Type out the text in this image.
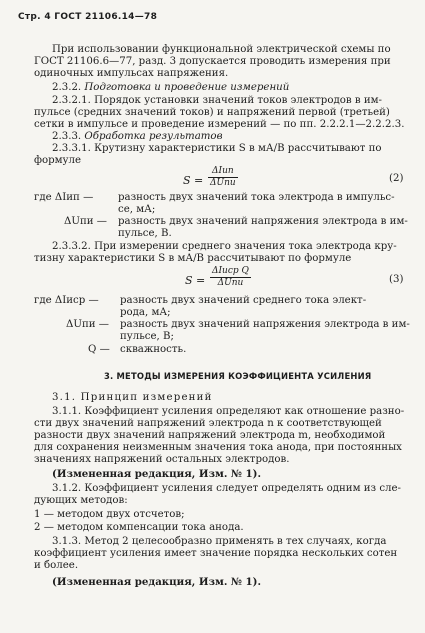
Стр. 4 ГОСТ 21106.14—78
При использовании функциональной электрической схемы по
ГОСТ 21106.6—77, разд. 3 допускается проводить измерения при
одиночных импульсах напряжения.
2.3.2. Подготовка и проведение измерений
2.3.2.1. Порядок установки значений токов электродов в им-
пульсе (средних значений токов) и напряжений первой (третьей)
сетки в импульсе и проведение измерений — по пп. 2.2.2.1—2.2.2.3.
2.3.3. Обработка результатов
2.3.3.1. Крутизну характеристики S в мА/В рассчитывают по
формуле
S =
ΔIип
ΔUпи	(2)
где ΔIип —	разность двух значений тока электрода в импульс-
се, мА;
ΔUпи —	разность двух значений напряжения электрода в им-
пульсе, В.
2.3.3.2. При измерении среднего значения тока электрода кру-
тизну характеристики S в мА/В рассчитывают по формуле
S =
ΔIиср Q
ΔUпи	(3)
где ΔIиср —	разность двух значений среднего тока элект-
рода, мА;
ΔUпи —	разность двух значений напряжения электрода в им-
пульсе, В;
Q —	скважность.
3. МЕТОДЫ ИЗМЕРЕНИЯ КОЭФФИЦИЕНТА УСИЛЕНИЯ
3.1. Принцип измерений
3.1.1. Коэффициент усиления определяют как отношение разно-
сти двух значений напряжений электрода n к соответствующей
разности двух значений напряжений электрода m, необходимой
для сохранения неизменным значения тока анода, при постоянных
значениях напряжений остальных электродов.
(Измененная редакция, Изм. № 1).
3.1.2. Коэффициент усиления следует определять одним из сле-
дующих методов:
1 — методом двух отсчетов;
2 — методом компенсации тока анода.
3.1.3. Метод 2 целесообразно применять в тех случаях, когда
коэффициент усиления имеет значение порядка нескольких сотен
и более.
(Измененная редакция, Изм. № 1).
